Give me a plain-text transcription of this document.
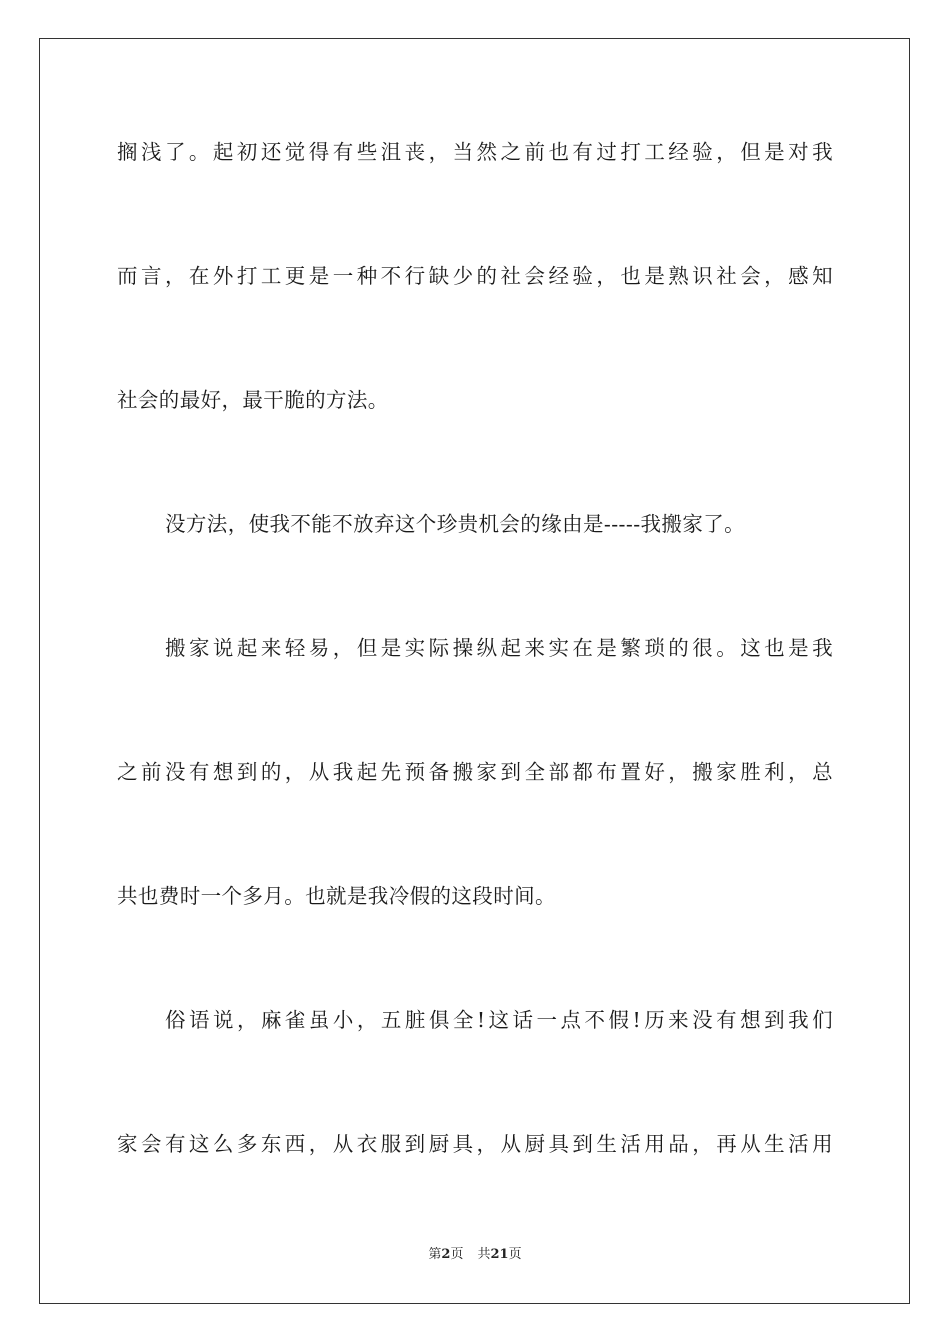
搁浅了。起初还觉得有些沮丧，当然之前也有过打工经验，但是对我
而言，在外打工更是一种不行缺少的社会经验，也是熟识社会，感知
社会的最好，最干脆的方法。
没方法，使我不能不放弃这个珍贵机会的缘由是-----我搬家了。
搬家说起来轻易，但是实际操纵起来实在是繁琐的很。这也是我
之前没有想到的，从我起先预备搬家到全部都布置好，搬家胜利，总
共也费时一个多月。也就是我冷假的这段时间。
俗语说，麻雀虽小，五脏俱全!这话一点不假!历来没有想到我们
家会有这么多东西，从衣服到厨具，从厨具到生活用品，再从生活用
第2页 共21页
